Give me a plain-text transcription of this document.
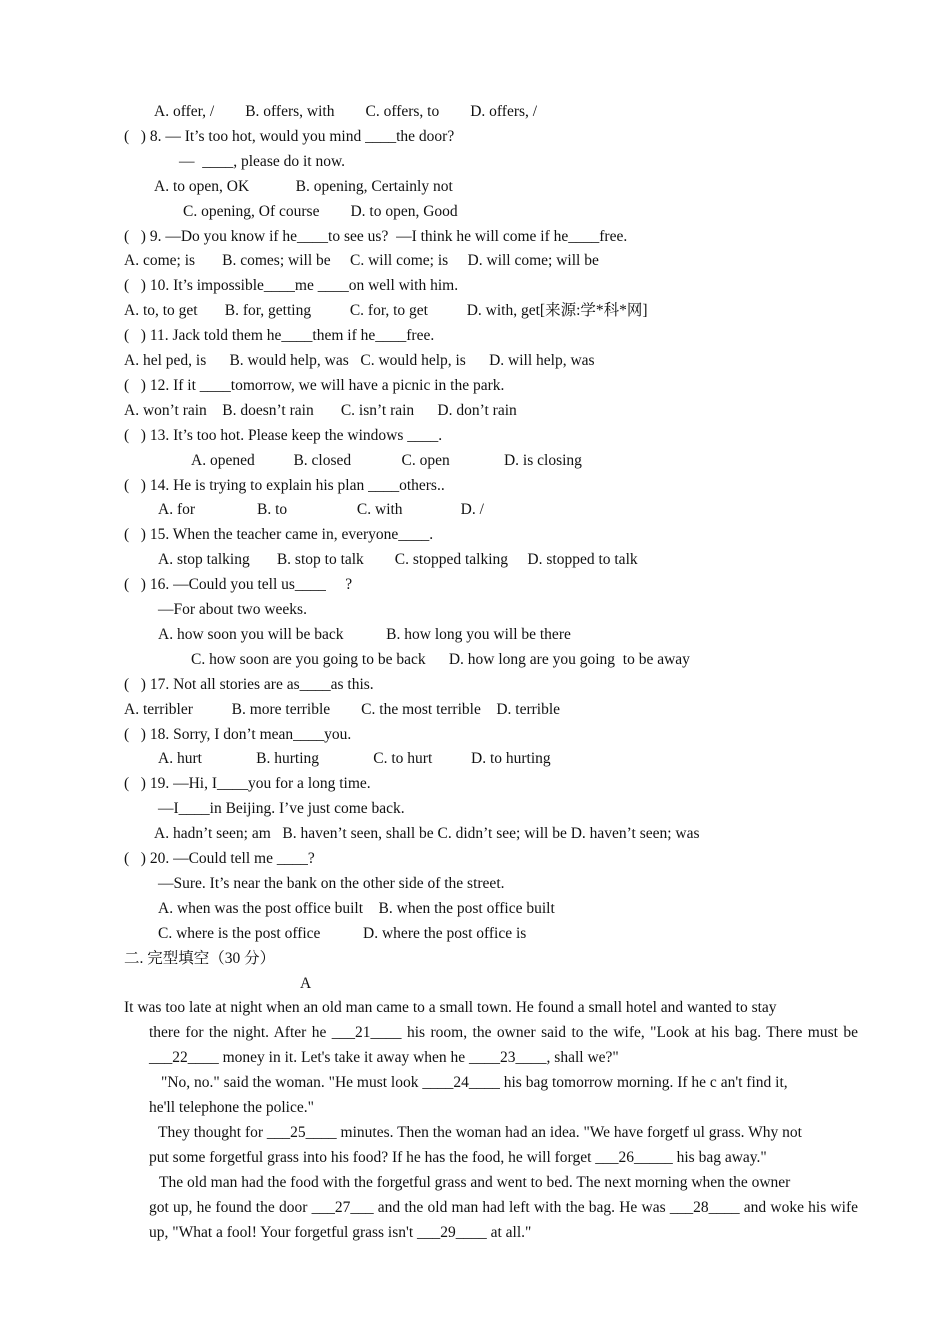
A. offer, /        B. offers, with        C. offers, to        D. offers, /
(   ) 8. — It’s too hot, would you mind ____the door?
—  ____, please do it now.
A. to open, OK            B. opening, Certainly not
C. opening, Of course        D. to open, Good
(   ) 9. —Do you know if he____to see us?  —I think he will come if he____free.
A. come; is       B. comes; will be     C. will come; is     D. will come; will be
(   ) 10. It’s impossible____me ____on well with him.
A. to, to get       B. for, getting          C. for, to get          D. with, get[来源:学*科*网]
(   ) 11. Jack told them he____them if he____free.
A. hel ped, is      B. would help, was   C. would help, is      D. will help, was
(   ) 12. If it ____tomorrow, we will have a picnic in the park.
A. won’t rain    B. doesn’t rain       C. isn’t rain      D. don’t rain
(   ) 13. It’s too hot. Please keep the windows ____.
A. opened          B. closed             C. open              D. is closing
(   ) 14. He is trying to explain his plan ____others..
A. for                B. to                  C. with               D. /
(   ) 15. When the teacher came in, everyone____.
A. stop talking       B. stop to talk        C. stopped talking     D. stopped to talk
(   ) 16. —Could you tell us____     ?
—For about two weeks.
A. how soon you will be back           B. how long you will be there
C. how soon are you going to be back      D. how long are you going  to be away
(   ) 17. Not all stories are as____as this.
A. terribler          B. more terrible        C. the most terrible    D. terrible
(   ) 18. Sorry, I don’t mean____you.
A. hurt              B. hurting              C. to hurt          D. to hurting
(   ) 19. —Hi, I____you for a long time.
—I____in Beijing. I’ve just come back.
A. hadn’t seen; am   B. haven’t seen, shall be C. didn’t see; will be D. haven’t seen; was
(   ) 20. —Could tell me ____?
—Sure. It’s near the bank on the other side of the street.
A. when was the post office built    B. when the post office built
C. where is the post office           D. where the post office is
二. 完型填空（30 分）
A
It was too late at night when an old man came to a small town. He found a small hotel and wanted to stay
there for the night. After he ___21____ his room, the owner said to the wife, "Look at his bag. There must be ___22____ money in it. Let's take it away when he ____23____, shall we?"
"No, no." said the woman. "He must look ____24____ his bag tomorrow morning. If he c an't find it,
he'll telephone the police."
They thought for ___25____ minutes. Then the woman had an idea. "We have forgetf ul grass. Why not
put some forgetful grass into his food? If he has the food, he will forget ___26_____ his bag away."
The old man had the food with the forgetful grass and went to bed. The next morning when the owner
got up, he found the door ___27___ and the old man had left with the bag. He was ___28____ and woke his wife up, "What a fool! Your forgetful grass isn't ___29____ at all."
